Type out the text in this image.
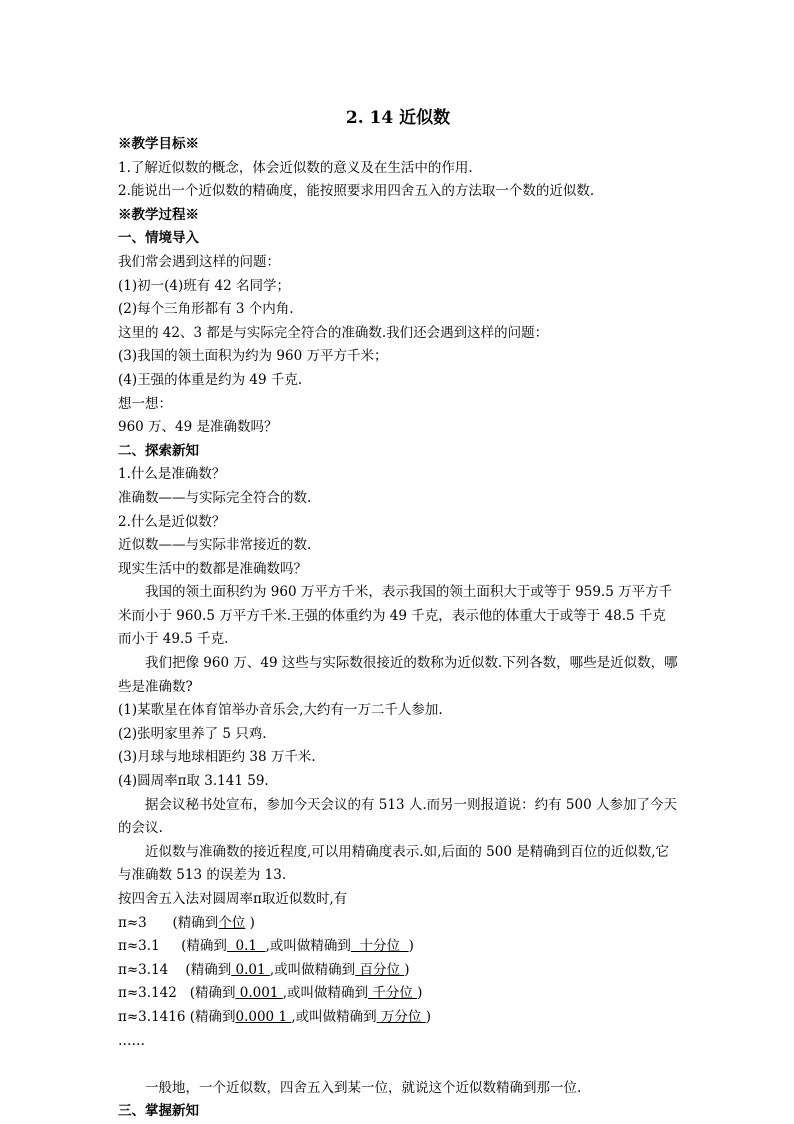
2. 14 近似数
※教学目标※
1.了解近似数的概念，体会近似数的意义及在生活中的作用.
2.能说出一个近似数的精确度，能按照要求用四舍五入的方法取一个数的近似数.
※教学过程※
一、情境导入
我们常会遇到这样的问题：
(1)初一(4)班有 42 名同学；
(2)每个三角形都有 3 个内角.
这里的 42、3 都是与实际完全符合的准确数.我们还会遇到这样的问题：
(3)我国的领土面积为约为 960 万平方千米；
(4)王强的体重是约为 49 千克.
想一想：
960 万、49 是准确数吗？
二、探索新知
1.什么是准确数？
准确数——与实际完全符合的数.
2.什么是近似数？
近似数——与实际非常接近的数.
现实生活中的数都是准确数吗？
我国的领土面积约为 960 万平方千米，表示我国的领土面积大于或等于 959.5 万平方千米而小于 960.5 万平方千米.王强的体重约为 49 千克，表示他的体重大于或等于 48.5 千克而小于 49.5 千克.
我们把像 960 万、49 这些与实际数很接近的数称为近似数.下列各数，哪些是近似数，哪些是准确数?
(1)某歌星在体育馆举办音乐会,大约有一万二千人参加.
(2)张明家里养了 5 只鸡.
(3)月球与地球相距约 38 万千米.
(4)圆周率π取 3.141 59.
据会议秘书处宣布，参加今天会议的有 513 人.而另一则报道说：约有 500 人参加了今天的会议.
近似数与准确数的接近程度,可以用精确度表示.如,后面的 500 是精确到百位的近似数,它与准确数 513 的误差为 13.
按四舍五入法对圆周率π取近似数时,有
π≈3 (精确到个位 )
π≈3.1 (精确到 0.1 ,或叫做精确到 十分位 )
π≈3.14 (精确到 0.01 ,或叫做精确到 百分位 )
π≈3.142 (精确到 0.001 ,或叫做精确到 千分位 )
π≈3.1416 (精确到0.000 1 ,或叫做精确到 万分位 )
……
一般地，一个近似数，四舍五入到某一位，就说这个近似数精确到那一位.
三、掌握新知
